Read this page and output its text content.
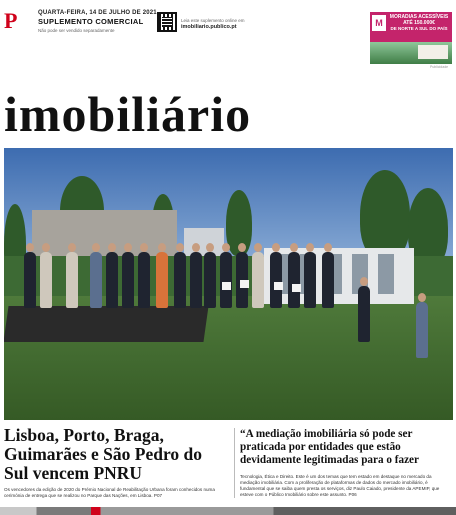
P	QUARTA-FEIRA, 14 DE JULHO DE 2021
SUPLEMENTO COMERCIAL
Não pode ser vendido separadamente
Leia este suplemento online em
imobiliario.publico.pt	M
MORADIAS ACESSÍVEIS
ATÉ 150.000€
DE NORTE A SUL DO PAÍS
Publicidade
imobiliário
Lisboa, Porto, Braga, Guimarães e São Pedro do Sul vencem PNRU
Os vencedores da edição de 2020 do Prémio Nacional de Reabilitação Urbana foram conhecidos numa cerimónia de entrega que se realizou no Parque das Nações, em Lisboa. P07
“A mediação imobiliária só pode ser praticada por entidades que estão devidamente legitimadas para o fazer
Tecnologia, Ética e Direito. Este é um dos temas que tem estado em destaque no mercado da mediação imobiliária. Com a proliferação de plataformas de dados do mercado imobiliário, é fundamental que se saiba quem presta os serviços, diz Paulo Caiado, presidente da APEMIP, que esteve com o Público Imobiliário sobre este assunto. P06
